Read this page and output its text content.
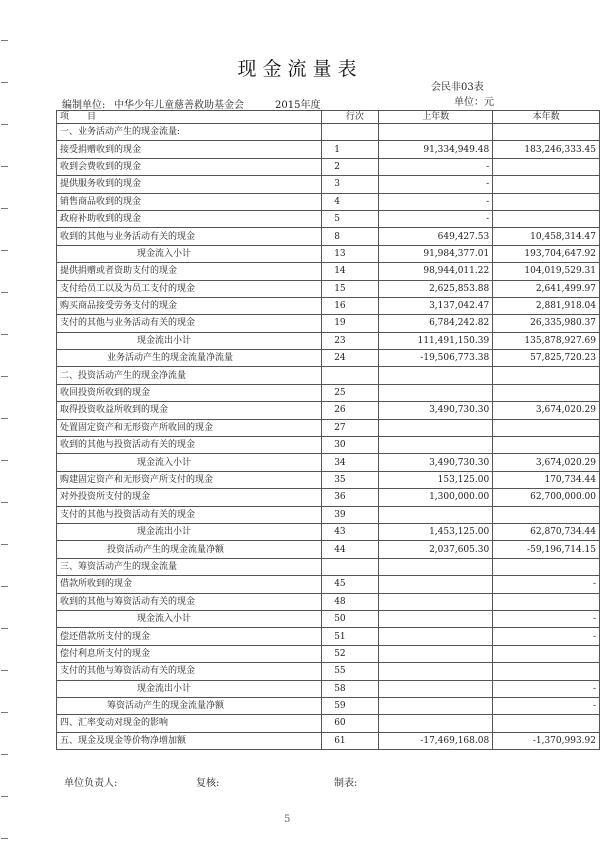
现金流量表
会民非03表
编制单位: 中华少年儿童慈善救助基金会	2015年度	单位：元
项　　目	行次	上年数	本年数
一、业务活动产生的现金流量:			
接受捐赠收到的现金	1	91,334,949.48	183,246,333.45
收到会费收到的现金	2	-	
提供服务收到的现金	3	-	
销售商品收到的现金	4	-	
政府补助收到的现金	5	-	
收到的其他与业务活动有关的现金	8	649,427.53	10,458,314.47
现金流入小计	13	91,984,377.01	193,704,647.92
提供捐赠或者资助支付的现金	14	98,944,011.22	104,019,529.31
支付给员工以及为员工支付的现金	15	2,625,853.88	2,641,499.97
购买商品接受劳务支付的现金	16	3,137,042.47	2,881,918.04
支付的其他与业务活动有关的现金	19	6,784,242.82	26,335,980.37
现金流出小计	23	111,491,150.39	135,878,927.69
业务活动产生的现金流量净流量	24	-19,506,773.38	57,825,720.23
二、投资活动产生的现金净流量			
收回投资所收到的现金	25		
取得投资收益所收到的现金	26	3,490,730.30	3,674,020.29
处置固定资产和无形资产所收回的现金	27		
收到的其他与投资活动有关的现金	30		
现金流入小计	34	3,490,730.30	3,674,020.29
购建固定资产和无形资产所支付的现金	35	153,125.00	170,734.44
对外投资所支付的现金	36	1,300,000.00	62,700,000.00
支付的其他与投资活动有关的现金	39		
现金流出小计	43	1,453,125.00	62,870,734.44
投资活动产生的现金流量净额	44	2,037,605.30	-59,196,714.15
三、筹资活动产生的现金流量			
借款所收到的现金	45		-
收到的其他与筹资活动有关的现金	48		
现金流入小计	50		-
偿还借款所支付的现金	51		-
偿付利息所支付的现金	52		
支付的其他与筹资活动有关的现金	55		
现金流出小计	58		-
筹资活动产生的现金流量净额	59		-
四、汇率变动对现金的影响	60		
五、现金及现金等价物净增加额	61	-17,469,168.08	-1,370,993.92
单位负责人:	复核:	制表:
5
